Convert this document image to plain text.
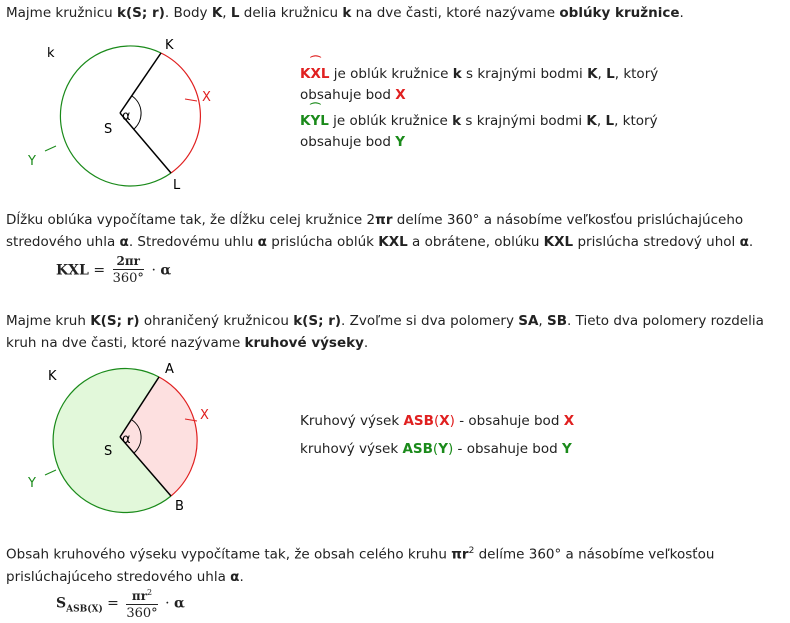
Majme kružnicu k(S; r). Body K, L delia kružnicu k na dve časti, ktoré nazývame oblúky kružnice.

k
K
X
S
α
Y
L
K
⌒
XL je oblúk kružnice k s krajnými bodmi K, L, ktorý obsahuje bod X
K
⌒
YL je oblúk kružnice k s krajnými bodmi K, L, ktorý obsahuje bod Y

Dĺžku oblúka vypočítame tak, že dĺžku celej kružnice 2πr delíme 360° a násobíme veľkosťou prislúchajúceho stredového uhla α. Stredovému uhlu α prislúcha oblúk KXL a obrátene, oblúku KXL prislúcha stredový uhol α.

KXL = $\frac{2\pi r}{360^\circ} \cdot \alpha$

Majme kruh K(S; r) ohraničený kružnicou k(S; r). Zvoľme si dva polomery SA, SB. Tieto dva polomery rozdelia kruh na dve časti, ktoré nazývame kruhové výseky.

K	A
X
S
α
Y
B
Kruhový výsek ASB(X) - obsahuje bod X
kruhový výsek ASB(Y) - obsahuje bod Y

Obsah kruhového výseku vypočítame tak, že obsah celého kruhu $\pi r^2$ delíme 360° a násobíme veľkosťou prislúchajúceho stredového uhla α.

$S_{ASB(X)} = \frac{\pi r^2}{360^\circ} \cdot \alpha$
